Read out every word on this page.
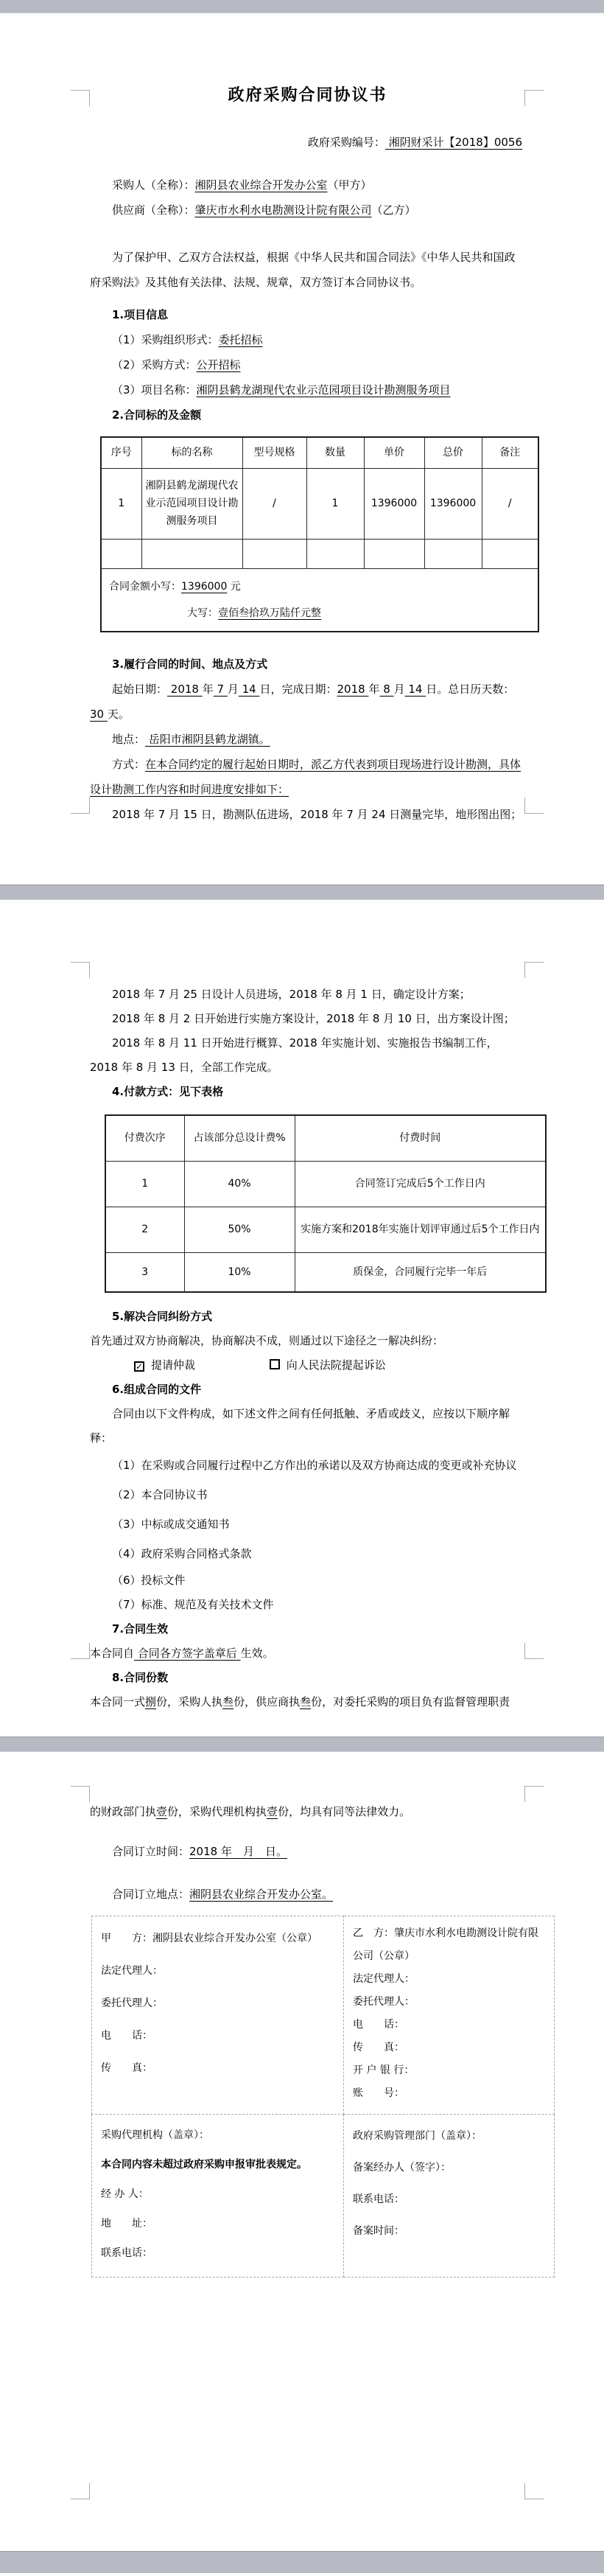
政府采购合同协议书

政府采购编号： 湘阴财采计【2018】0056

采购人（全称）：湘阴县农业综合开发办公室（甲方）

供应商（全称）：肇庆市水利水电勘测设计院有限公司（乙方）

为了保护甲、乙双方合法权益，根据《中华人民共和国合同法》《中华人民共和国政府采购法》及其他有关法律、法规、规章，双方签订本合同协议书。

1.项目信息

（1）采购组织形式：委托招标

（2）采购方式：公开招标

（3）项目名称：湘阴县鹤龙湖现代农业示范园项目设计勘测服务项目

2.合同标的及金额

序号	标的名称	型号规格	数量	单价	总价	备注
1	湘阴县鹤龙湖现代农业示范园项目设计勘测服务项目	/	1	1396000	1396000	/

合同金额小写：1396000 元
大写：壹佰叁拾玖万陆仟元整						

3.履行合同的时间、地点及方式

起始日期： 2018 年 7 月 14 日，完成日期：2018 年 8 月 14 日。总日历天数： 30 天。

地点： 岳阳市湘阴县鹤龙湖镇。

方式：在本合同约定的履行起始日期时，派乙方代表到项目现场进行设计勘测，具体设计勘测工作内容和时间进度安排如下：

2018 年 7 月 15 日，勘测队伍进场，2018 年 7 月 24 日测量完毕，地形图出图；

2018 年 7 月 25 日设计人员进场，2018 年 8 月 1 日，确定设计方案；

2018 年 8 月 2 日开始进行实施方案设计，2018 年 8 月 10 日，出方案设计图；

2018 年 8 月 11 日开始进行概算、2018 年实施计划、实施报告书编制工作，2018 年 8 月 13 日，全部工作完成。

4.付款方式：见下表格

付费次序	占该部分总设计费%	付费时间
1	40%	合同签订完成后5个工作日内
2	50%	实施方案和2018年实施计划评审通过后5个工作日内
3	10%	质保金，合同履行完毕一年后

5.解决合同纠纷方式

首先通过双方协商解决，协商解决不成，则通过以下途径之一解决纠纷：

✓ 提请仲裁	向人民法院提起诉讼

6.组成合同的文件

合同由以下文件构成，如下述文件之间有任何抵触、矛盾或歧义，应按以下顺序解释：

（1）在采购或合同履行过程中乙方作出的承诺以及双方协商达成的变更或补充协议

（2）本合同协议书

（3）中标或成交通知书

（4）政府采购合同格式条款

（6）投标文件

（7）标准、规范及有关技术文件

7.合同生效

本合同自 合同各方签字盖章后 生效。

8.合同份数

本合同一式捌份，采购人执叁份，供应商执叁份，对委托采购的项目负有监督管理职责

的财政部门执壹份，采购代理机构执壹份，均具有同等法律效力。

合同订立时间：2018 年　月　日。

合同订立地点：湘阴县农业综合开发办公室。

甲　　方：湘阴县农业综合开发办公室（公章）
法定代理人：
委托代理人：
电　　话：
传　　真：

乙　方：肇庆市水利水电勘测设计院有限公司（公章）
法定代理人：
委托代理人：
电　　话：
传　　真：
开 户 银 行：
账　　号：

采购代理机构（盖章）：
本合同内容未超过政府采购申报审批表规定。
经 办 人：
地　　址：
联系电话：

政府采购管理部门（盖章）：
备案经办人（签字）：
联系电话：
备案时间：
